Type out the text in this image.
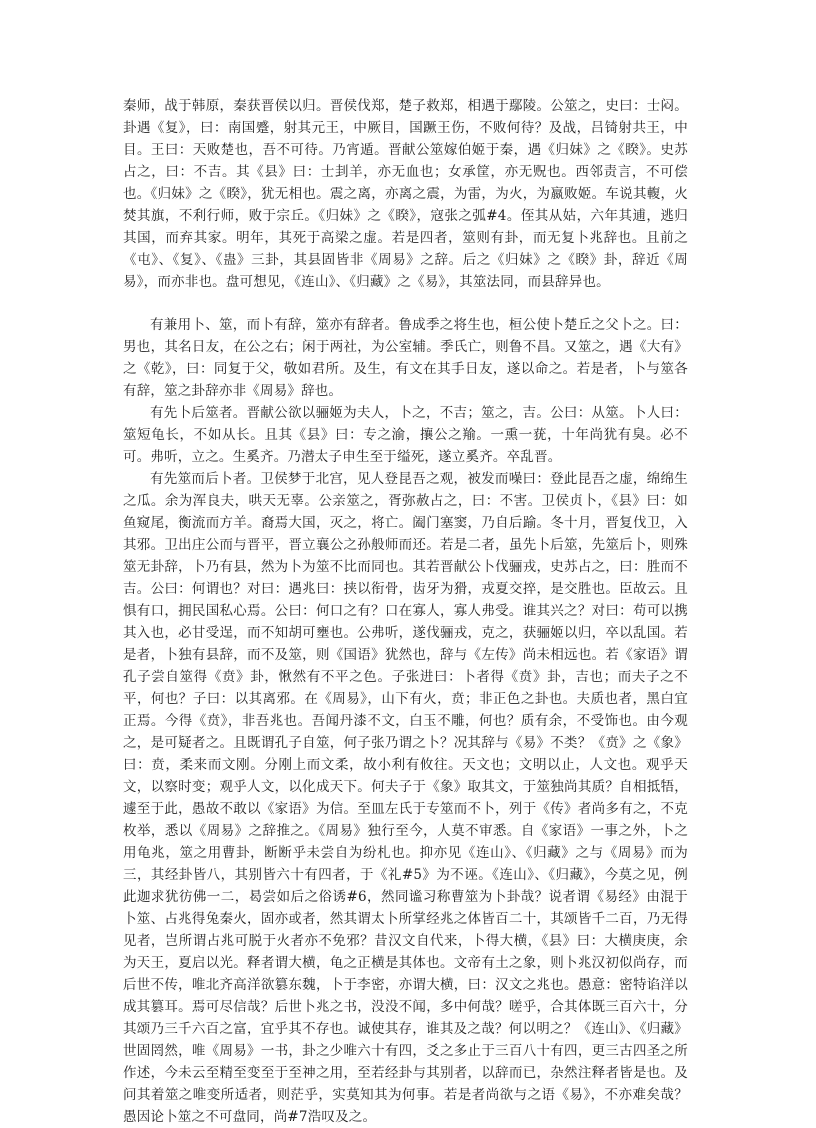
秦师，战于韩原，秦获晋侯以归。晋侯伐郑，楚子救郑，相遇于鄢陵。公筮之，史曰：士闷。卦遇《复》，曰：南国蹙，射其元王，中厥目，国蹶王伤，不败何待？及战，吕锜射共王，中目。王曰：天败楚也，吾不可待。乃宵遁。晋献公筮嫁伯姬于秦，遇《归妹》之《睽》。史苏占之，曰：不吉。其《县》曰：士刲羊，亦无血也；女承筐，亦无贶也。西邻责言，不可偿也。《归妹》之《睽》，犹无相也。震之离，亦离之震，为雷，为火，为嬴败姬。车说其輹，火焚其旗，不利行师，败于宗丘。《归妹》之《睽》，寇张之弧#4。侄其从姑，六年其逋，逃归其国，而弃其家。明年，其死于高梁之虚。若是四者，筮则有卦，而无复卜兆辞也。且前之《屯》、《复》、《蛊》三卦，其县固皆非《周易》之辞。后之《归妹》之《睽》卦，辞近《周易》，而亦非也。盘可想见，《连山》、《归藏》之《易》，其筮法同，而县辞异也。

有兼用卜、筮，而卜有辞，筮亦有辞者。鲁成季之将生也，桓公使卜楚丘之父卜之。曰：男也，其名日友，在公之右；闲于两社，为公室辅。季氏亡，则鲁不昌。又筮之，遇《大有》之《乾》，曰：同复于父，敬如君所。及生，有文在其手日友，遂以命之。若是者，卜与筮各有辞，筮之卦辞亦非《周易》辞也。

有先卜后筮者。晋献公欲以骊姬为夫人，卜之，不吉；筮之，吉。公曰：从筮。卜人曰：筮短龟长，不如从长。且其《县》曰：专之渝，攘公之羭。一熏一莸，十年尚犹有臭。必不可。弗听，立之。生奚齐。乃潜太子申生至于缢死，遂立奚齐。卒乱晋。

有先筮而后卜者。卫侯梦于北宫，见人登昆吾之观，被发而噪曰：登此昆吾之虚，绵绵生之瓜。余为浑良夫，哄天无辜。公亲筮之，胥弥赦占之，曰：不害。卫侯贞卜，《县》曰：如鱼窥尾，衡流而方羊。裔焉大国，灭之，将亡。阖门塞窦，乃自后踰。冬十月，晋复伐卫，入其邪。卫出庄公而与晋平，晋立襄公之孙般师而还。若是二者，虽先卜后筮，先筮后卜，则殊筮无卦辞，卜乃有县，然为卜为筮不比而同也。其若晋献公卜伐骊戎，史苏占之，曰：胜而不吉。公曰：何谓也？对曰：遇兆曰：挟以衔骨，齿牙为猾，戎夏交捽，是交胜也。臣故云。且惧有口，拥民国私心焉。公曰：何口之有？口在寡人，寡人弗受。谁其兴之？对曰：苟可以携其入也，必甘受逞，而不知胡可壅也。公弗听，遂伐骊戎，克之，获骊姬以归，卒以乱国。若是者，卜独有县辞，而不及筮，则《国语》犹然也，辞与《左传》尚未相远也。若《家语》谓孔子尝自筮得《贲》卦，愀然有不平之色。子张进曰：卜者得《贲》卦，吉也；而夫子之不平，何也？子曰：以其离邪。在《周易》，山下有火，贲；非正色之卦也。夫质也者，黑白宜正焉。今得《贲》，非吾兆也。吾闻丹漆不文，白玉不雕，何也？质有余，不受饰也。由今观之，是可疑者之。且既谓孔子自筮，何子张乃谓之卜？况其辞与《易》不类？《贲》之《象》曰：贲，柔来而文刚。分刚上而文柔，故小利有攸往。天文也；文明以止，人文也。观乎天文，以察时变；观乎人文，以化成天下。何夫子于《象》取其文，于筮独尚其质？自相抵牾，遽至于此，愚故不敢以《家语》为信。至皿左氏于专筮而不卜，列于《传》者尚多有之，不克枚举，悉以《周易》之辞推之。《周易》独行至今，人莫不审悉。自《家语》一事之外，卜之用龟兆，筮之用曹卦，断断乎未尝自为纷札也。抑亦见《连山》、《归藏》之与《周易》而为三，其经卦皆八，其别皆六十有四者，于《礼#5》为不诬。《连山》、《归藏》，今莫之见，例此迦求犹彷佛一二，曷尝如后之俗诱#6，然同谧习称曹筮为卜卦哉？说者谓《易经》由混于卜筮、占兆得兔秦火，固亦或者，然其谓太卜所掌经兆之体皆百二十，其颂皆千二百，乃无得见者，岂所谓占兆可脱于火者亦不免邪？昔汉文自代来，卜得大横，《县》曰：大横庚庚，余为天王，夏启以光。释者谓大横，龟之正横是其体也。文帝有土之象，则卜兆汉初似尚存，而后世不传，唯北齐高洋欲篡东魏，卜于李密，亦谓大横，曰：汉文之兆也。愚意：密特谄洋以成其篡耳。焉可尽信哉？后世卜兆之书，没没不闻，多中何哉？嗟乎，合其体既三百六十，分其颂乃三千六百之富，宜乎其不存也。诚使其存，谁其及之哉？何以明之？《连山》、《归藏》世固罔然，唯《周易》一书，卦之少唯六十有四，爻之多止于三百八十有四，更三古四圣之所作述，今未云至精至变至于至神之用，至若经卦与其别者，以辞而已，杂然注释者皆是也。及问其着筮之唯变所适者，则茫乎，实莫知其为何事。若是者尚欲与之语《易》，不亦难矣哉？愚因论卜筮之不可盘同，尚#7浩叹及之。
